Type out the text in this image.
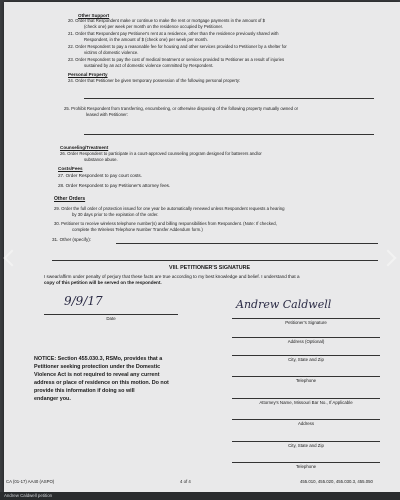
Other Support
20. Order that Respondent make or continue to make the rent or mortgage payments in the amount of $
(check one) per week per month on the residence occupied by Petitioner.
21. Order that Respondent pay Petitioner's rent at a residence, other than the residence previously shared with
Respondent, in the amount of $ (check one) per week per month.
22. Order Respondent to pay a reasonable fee for housing and other services provided to Petitioner by a shelter for
victims of domestic violence.
23. Order Respondent to pay the cost of medical treatment or services provided to Petitioner as a result of injuries
sustained by an act of domestic violence committed by Respondent.
Personal Property
24. Order that Petitioner be given temporary possession of the following personal property:
25. Prohibit Respondent from transferring, encumbering, or otherwise disposing of the following property mutually owned or
leased with Petitioner:
Counseling/Treatment
26. Order Respondent to participate in a court-approved counseling program designed for batterers and/or
substance abuse.
Costs/Fees
27. Order Respondent to pay court costs.
28. Order Respondent to pay Petitioner's attorney fees.
Other Orders
29. Order the full order of protection issued for one year be automatically renewed unless Respondent requests a hearing
by 30 days prior to the expiration of the order.
30. Petitioner to receive wireless telephone number(s) and billing responsibilities from Respondent. (Note: If checked,
complete the Wireless Telephone Number Transfer Addendum form.)
31. Other (specify):
VIII. PETITIONER'S SIGNATURE
I swear/affirm under penalty of perjury that these facts are true according to my best knowledge and belief. I understand that a
copy of this petition will be served on the respondent.
9/9/17
Date
Andrew Caldwell
Petitioner's Signature
Address (Optional)
City, State and Zip
Telephone
Attorney's Name, Missouri Bar No., If Applicable
Address
City, State and Zip
Telephone
NOTICE: Section 455.030.3, RSMo, provides that a
Petitioner seeking protection under the Domestic
Violence Act is not required to reveal any current
address or place of residence on this motion. Do not
provide this information if doing so will
endanger you.
CA (01-17) AA40 (ASPO)	4 of 4	455.010, 455.020, 455.030.3, 455.050
Andrew Caldwell petition
